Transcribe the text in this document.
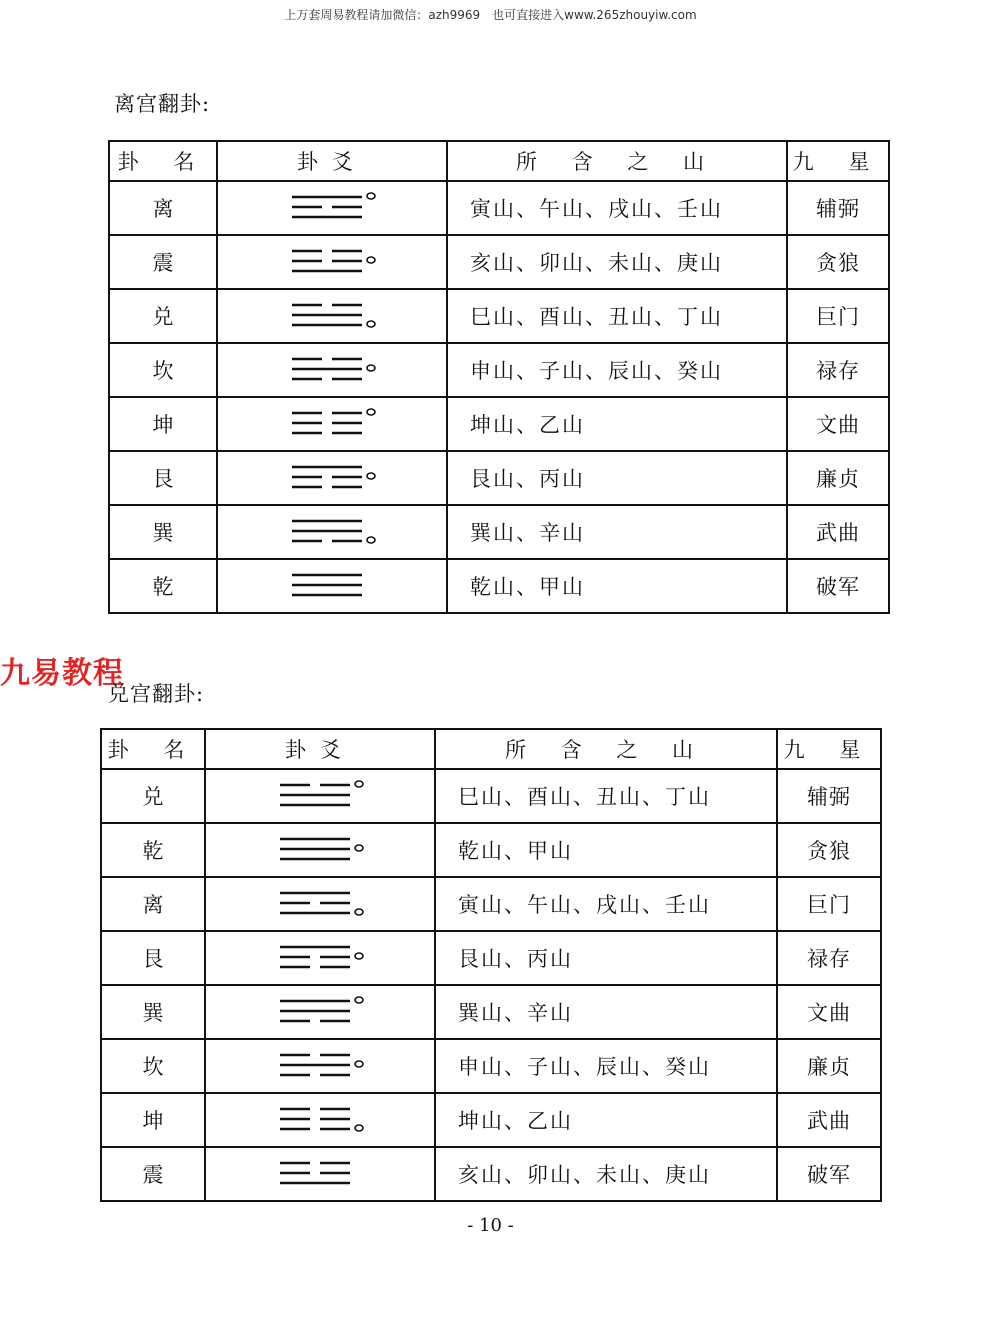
上万套周易教程请加微信：azh9969　也可直接进入www.265zhouyiw.com
离宫翻卦:
卦 名	卦爻	所 含 之 山	九 星
离		寅山、午山、戌山、壬山	辅弼
震		亥山、卯山、未山、庚山	贪狼
兑		巳山、酉山、丑山、丁山	巨门
坎		申山、子山、辰山、癸山	禄存
坤		坤山、乙山	文曲
艮		艮山、丙山	廉贞
巽		巽山、辛山	武曲
乾		乾山、甲山	破军
九易教程
兑宫翻卦:
卦 名	卦爻	所 含 之 山	九 星
兑		巳山、酉山、丑山、丁山	辅弼
乾		乾山、甲山	贪狼
离		寅山、午山、戌山、壬山	巨门
艮		艮山、丙山	禄存
巽		巽山、辛山	文曲
坎		申山、子山、辰山、癸山	廉贞
坤		坤山、乙山	武曲
震		亥山、卯山、未山、庚山	破军
- 10 -
